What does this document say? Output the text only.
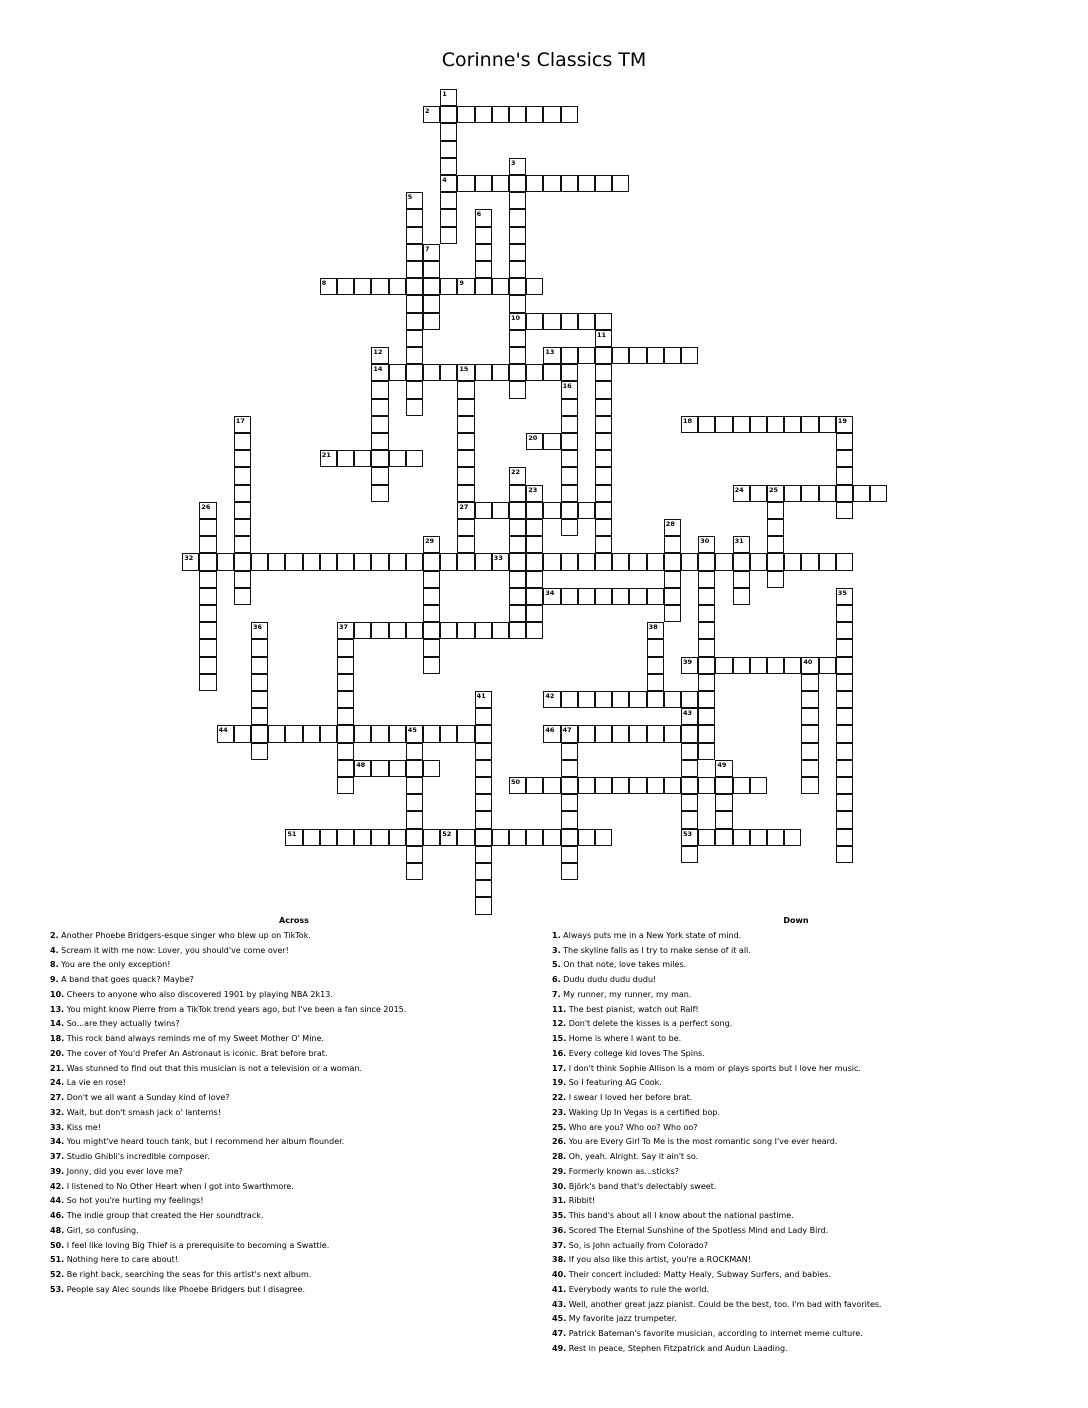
Corinne's Classics TM
2
4
8	9
10
13
14	15
18	19
20
21
24	25
27
32	33
34
37
39	40
42
44	45	46 47
48
50
51	52	53
1
3
5
6
7
11
12
16
17
22
23
26
28
29	30	31
35
36	38
41
43
49
Across
2. Another Phoebe Bridgers-esque singer who blew up on TikTok.
4. Scream it with me now: Lover, you should've come over!
8. You are the only exception!
9. A band that goes quack? Maybe?
10. Cheers to anyone who also discovered 1901 by playing NBA 2k13.
13. You might know Pierre from a TikTok trend years ago, but I've been a fan since 2015.
14. So...are they actually twins?
18. This rock band always reminds me of my Sweet Mother O' Mine.
20. The cover of You'd Prefer An Astronaut is iconic. Brat before brat.
21. Was stunned to find out that this musician is not a television or a woman.
24. La vie en rose!
27. Don't we all want a Sunday kind of love?
32. Wait, but don't smash jack o' lanterns!
33. Kiss me!
34. You might've heard touch tank, but I recommend her album flounder.
37. Studio Ghibli's incredible composer.
39. Jonny, did you ever love me?
42. I listened to No Other Heart when I got into Swarthmore.
44. So hot you're hurting my feelings!
46. The indie group that created the Her soundtrack.
48. Girl, so confusing.
50. I feel like loving Big Thief is a prerequisite to becoming a Swattie.
51. Nothing here to care about!
52. Be right back, searching the seas for this artist's next album.
53. People say Alec sounds like Phoebe Bridgers but I disagree.
Down
1. Always puts me in a New York state of mind.
3. The skyline falls as I try to make sense of it all.
5. On that note, love takes miles.
6. Dudu dudu dudu dudu!
7. My runner, my runner, my man.
11. The best pianist, watch out Ralf!
12. Don't delete the kisses is a perfect song.
15. Home is where I want to be.
16. Every college kid loves The Spins.
17. I don't think Sophie Allison is a mom or plays sports but I love her music.
19. So I featuring AG Cook.
22. I swear I loved her before brat.
23. Waking Up In Vegas is a certified bop.
25. Who are you? Who oo? Who oo?
26. You are Every Girl To Me is the most romantic song I've ever heard.
28. Oh, yeah. Alright. Say it ain't so.
29. Formerly known as...sticks?
30. Björk's band that's delectably sweet.
31. Ribbit!
35. This band's about all I know about the national pastime.
36. Scored The Eternal Sunshine of the Spotless Mind and Lady Bird.
37. So, is John actually from Colorado?
38. If you also like this artist, you're a ROCKMAN!
40. Their concert included: Matty Healy, Subway Surfers, and babies.
41. Everybody wants to rule the world.
43. Well, another great jazz pianist. Could be the best, too. I'm bad with favorites.
45. My favorite jazz trumpeter.
47. Patrick Bateman's favorite musician, according to internet meme culture.
49. Rest in peace, Stephen Fitzpatrick and Audun Laading.
